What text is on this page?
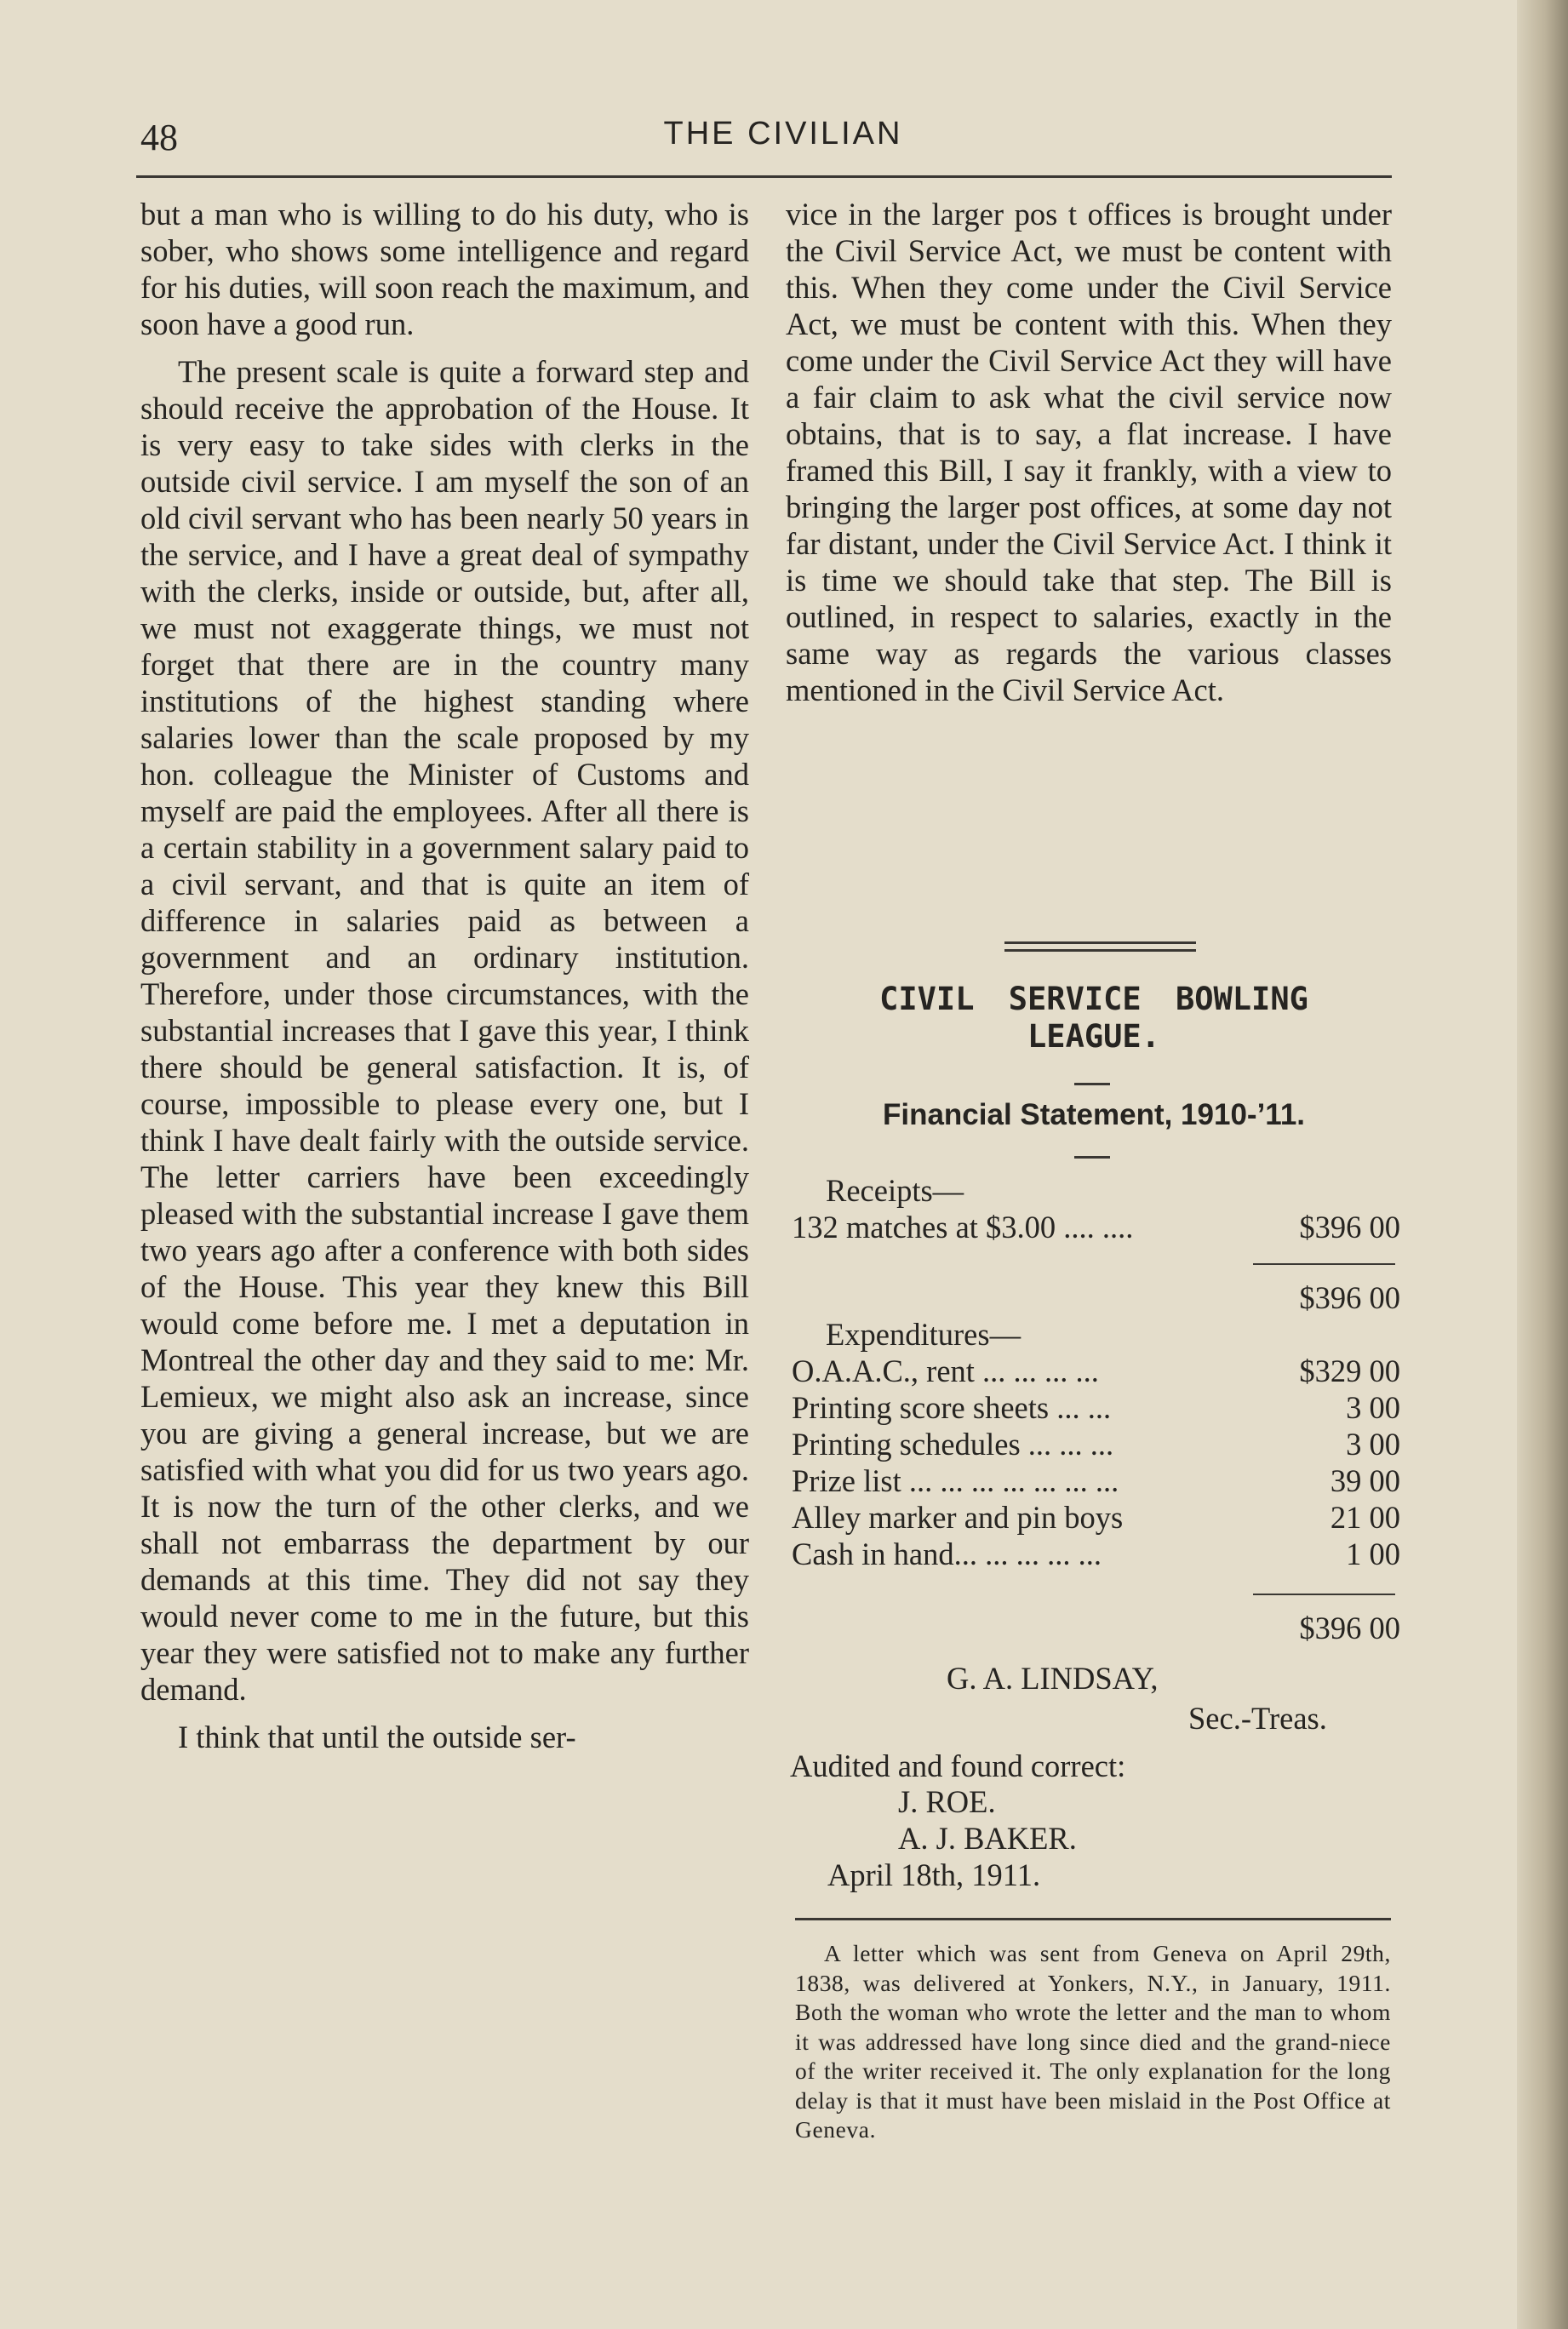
48	THE CIVILIAN

but a man who is willing to do his duty, who is sober, who shows some intelligence and regard for his duties, will soon reach the maximum, and soon have a good run.

The present scale is quite a forward step and should receive the approbation of the House. It is very easy to take sides with clerks in the outside civil service. I am myself the son of an old civil servant who has been nearly 50 years in the service, and I have a great deal of sympathy with the clerks, inside or outside, but, after all, we must not exaggerate things, we must not forget that there are in the country many institutions of the highest standing where salaries lower than the scale proposed by my hon. colleague the Minister of Customs and myself are paid the employees. After all there is a certain stability in a government salary paid to a civil servant, and that is quite an item of difference in salaries paid as between a government and an ordinary institution. Therefore, under those circumstances, with the substantial increases that I gave this year, I think there should be general satisfaction. It is, of course, impossible to please every one, but I think I have dealt fairly with the outside service. The letter carriers have been exceedingly pleased with the substantial increase I gave them two years ago after a conference with both sides of the House. This year they knew this Bill would come before me. I met a deputation in Montreal the other day and they said to me: Mr. Lemieux, we might also ask an increase, since you are giving a general increase, but we are satisfied with what you did for us two years ago. It is now the turn of the other clerks, and we shall not embarrass the department by our demands at this time. They did not say they would never come to me in the future, but this year they were satisfied not to make any further demand.

I think that until the outside ser-

vice in the larger pos t offices is brought under the Civil Service Act, we must be content with this. When they come under the Civil Service Act, we must be content with this. When they come under the Civil Service Act they will have a fair claim to ask what the civil service now obtains, that is to say, a flat increase. I have framed this Bill, I say it frankly, with a view to bringing the larger post offices, at some day not far distant, under the Civil Service Act. I think it is time we should take that step. The Bill is outlined, in respect to salaries, exactly in the same way as regards the various classes mentioned in the Civil Service Act.

CIVIL SERVICE BOWLING
LEAGUE.
Financial Statement, 1910-’11.
Receipts—
132 matches at $3.00 .... ....	$396 00
$396 00
Expenditures—
O.A.A.C., rent ... ... ... ...	$329 00
Printing score sheets ... ...	3 00
Printing schedules ... ... ...	3 00
Prize list ... ... ... ... ... ... ...	39 00
Alley marker and pin boys	21 00
Cash in hand... ... ... ... ...	1 00
$396 00
G. A. LINDSAY,
Sec.-Treas.
Audited and found correct:
J. ROE.
A. J. BAKER.
April 18th, 1911.
A letter which was sent from Geneva on April 29th, 1838, was delivered at Yonkers, N.Y., in January, 1911. Both the woman who wrote the letter and the man to whom it was addressed have long since died and the grand-niece of the writer received it. The only explanation for the long delay is that it must have been mislaid in the Post Office at Geneva.
